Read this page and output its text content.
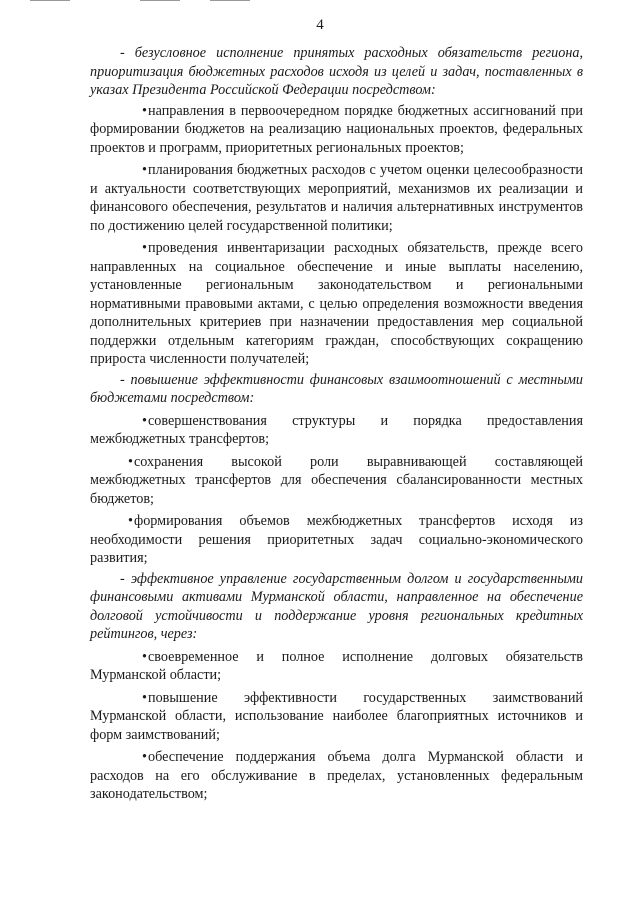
4

- безусловное исполнение принятых расходных обязательств региона, приоритизация бюджетных расходов исходя из целей и задач, поставленных в указах Президента Российской Федерации посредством:

•направления в первоочередном порядке бюджетных ассигнований при формировании бюджетов на реализацию национальных проектов, федеральных проектов и программ, приоритетных региональных проектов;

•планирования бюджетных расходов с учетом оценки целесообразности и актуальности соответствующих мероприятий, механизмов их реализации и финансового обеспечения, результатов и наличия альтернативных инструментов по достижению целей государственной политики;

•проведения инвентаризации расходных обязательств, прежде всего направленных на социальное обеспечение и иные выплаты населению, установленные региональным законодательством и региональными нормативными правовыми актами, с целью определения возможности введения дополнительных критериев при назначении предоставления мер социальной поддержки отдельным категориям граждан, способствующих сокращению прироста численности получателей;

- повышение эффективности финансовых взаимоотношений с местными бюджетами посредством:

•совершенствования структуры и порядка предоставления межбюджетных трансфертов;

•сохранения высокой роли выравнивающей составляющей межбюджетных трансфертов для обеспечения сбалансированности местных бюджетов;

•формирования объемов межбюджетных трансфертов исходя из необходимости решения приоритетных задач социально-экономического развития;

- эффективное управление государственным долгом и государственными финансовыми активами Мурманской области, направленное на обеспечение долговой устойчивости и поддержание уровня региональных кредитных рейтингов, через:

•своевременное и полное исполнение долговых обязательств Мурманской области;

•повышение эффективности государственных заимствований Мурманской области, использование наиболее благоприятных источников и форм заимствований;

•обеспечение поддержания объема долга Мурманской области и расходов на его обслуживание в пределах, установленных федеральным законодательством;
